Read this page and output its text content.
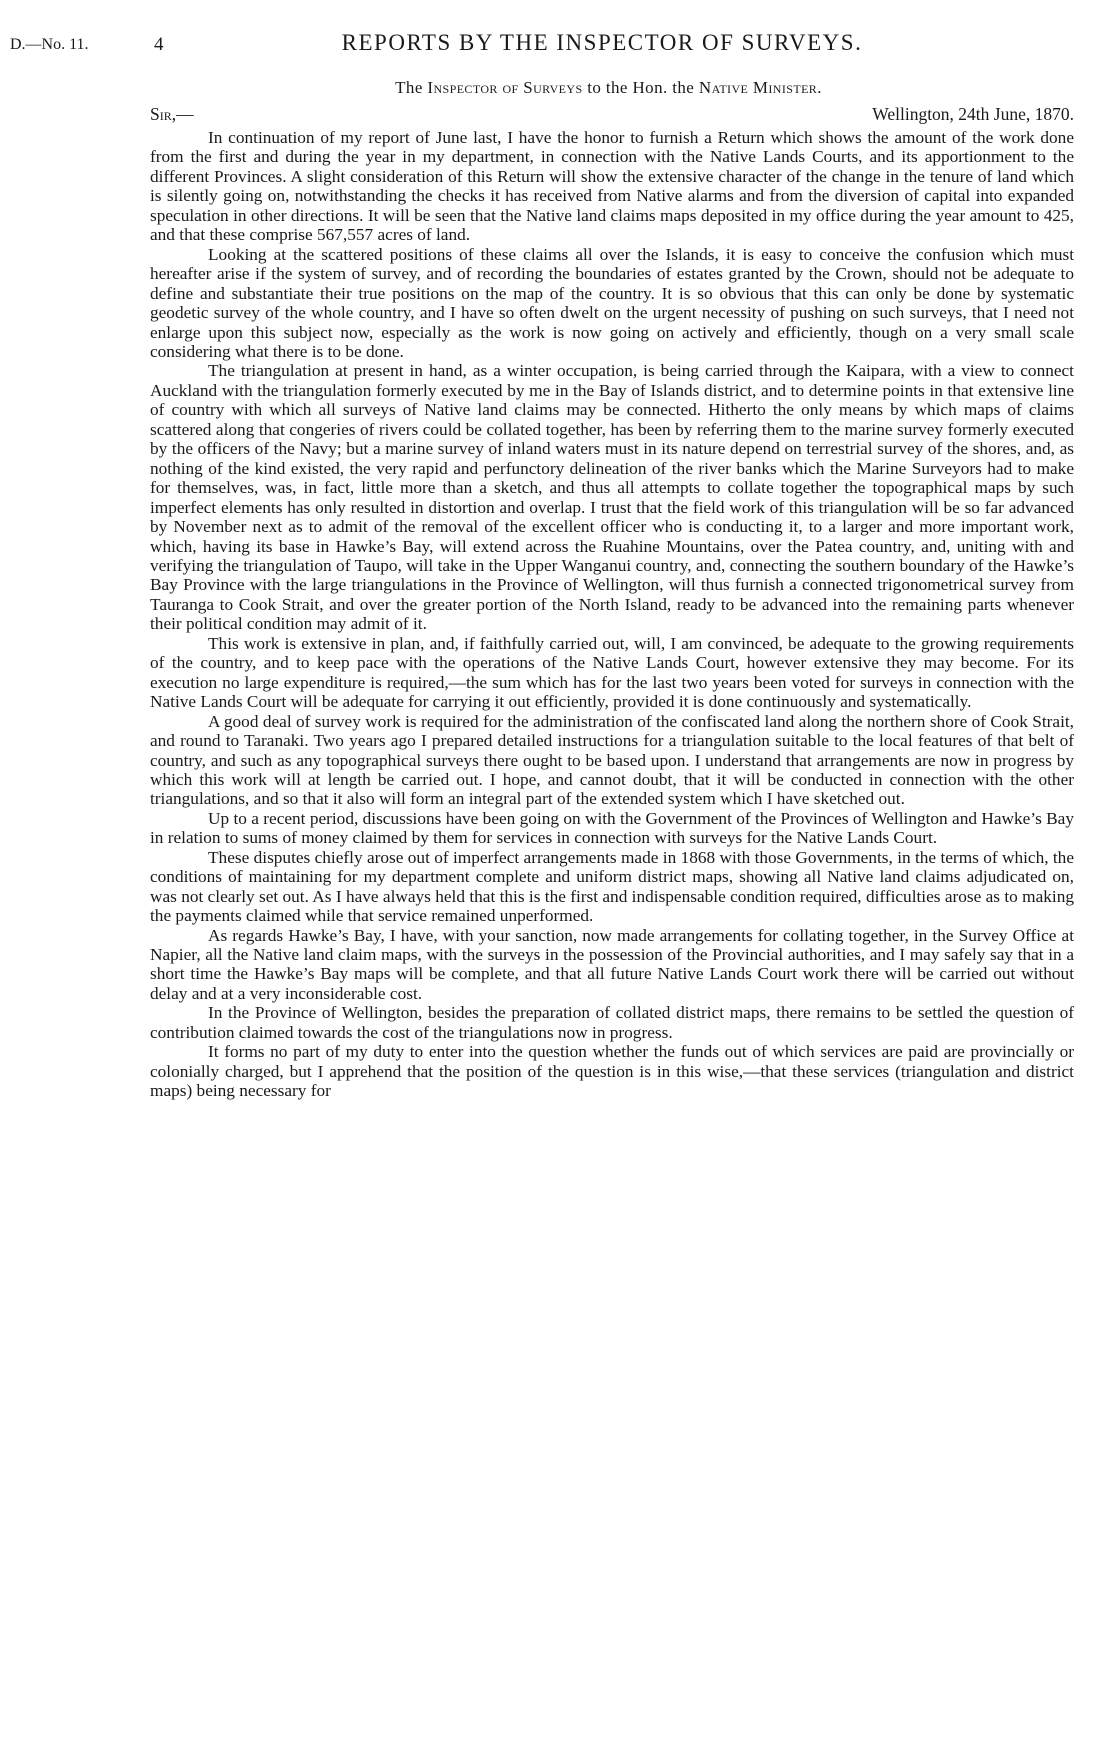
D.—No. 11.	4	REPORTS BY THE INSPECTOR OF SURVEYS.
The Inspector of Surveys to the Hon. the Native Minister.
Sir,—	Wellington, 24th June, 1870.

In continuation of my report of June last, I have the honor to furnish a Return which shows the amount of the work done from the first and during the year in my department, in connection with the Native Lands Courts, and its apportionment to the different Provinces. A slight consideration of this Return will show the extensive character of the change in the tenure of land which is silently going on, notwithstanding the checks it has received from Native alarms and from the diversion of capital into expanded speculation in other directions. It will be seen that the Native land claims maps deposited in my office during the year amount to 425, and that these comprise 567,557 acres of land.

Looking at the scattered positions of these claims all over the Islands, it is easy to conceive the confusion which must hereafter arise if the system of survey, and of recording the boundaries of estates granted by the Crown, should not be adequate to define and substantiate their true positions on the map of the country. It is so obvious that this can only be done by systematic geodetic survey of the whole country, and I have so often dwelt on the urgent necessity of pushing on such surveys, that I need not enlarge upon this subject now, especially as the work is now going on actively and efficiently, though on a very small scale considering what there is to be done.

The triangulation at present in hand, as a winter occupation, is being carried through the Kaipara, with a view to connect Auckland with the triangulation formerly executed by me in the Bay of Islands district, and to determine points in that extensive line of country with which all surveys of Native land claims may be connected. Hitherto the only means by which maps of claims scattered along that congeries of rivers could be collated together, has been by referring them to the marine survey formerly executed by the officers of the Navy; but a marine survey of inland waters must in its nature depend on terrestrial survey of the shores, and, as nothing of the kind existed, the very rapid and perfunctory delineation of the river banks which the Marine Surveyors had to make for themselves, was, in fact, little more than a sketch, and thus all attempts to collate together the topographical maps by such imperfect elements has only resulted in distortion and overlap. I trust that the field work of this triangulation will be so far advanced by November next as to admit of the removal of the excellent officer who is conducting it, to a larger and more important work, which, having its base in Hawke’s Bay, will extend across the Ruahine Mountains, over the Patea country, and, uniting with and verifying the triangulation of Taupo, will take in the Upper Wanganui country, and, connecting the southern boundary of the Hawke’s Bay Province with the large triangulations in the Province of Wellington, will thus furnish a connected trigonometrical survey from Tauranga to Cook Strait, and over the greater portion of the North Island, ready to be advanced into the remaining parts whenever their political condition may admit of it.

This work is extensive in plan, and, if faithfully carried out, will, I am convinced, be adequate to the growing requirements of the country, and to keep pace with the operations of the Native Lands Court, however extensive they may become. For its execution no large expenditure is required,—the sum which has for the last two years been voted for surveys in connection with the Native Lands Court will be adequate for carrying it out efficiently, provided it is done continuously and systematically.

A good deal of survey work is required for the administration of the confiscated land along the northern shore of Cook Strait, and round to Taranaki. Two years ago I prepared detailed instructions for a triangulation suitable to the local features of that belt of country, and such as any topographical surveys there ought to be based upon. I understand that arrangements are now in progress by which this work will at length be carried out. I hope, and cannot doubt, that it will be conducted in connection with the other triangulations, and so that it also will form an integral part of the extended system which I have sketched out.

Up to a recent period, discussions have been going on with the Government of the Provinces of Wellington and Hawke’s Bay in relation to sums of money claimed by them for services in connection with surveys for the Native Lands Court.

These disputes chiefly arose out of imperfect arrangements made in 1868 with those Governments, in the terms of which, the conditions of maintaining for my department complete and uniform district maps, showing all Native land claims adjudicated on, was not clearly set out. As I have always held that this is the first and indispensable condition required, difficulties arose as to making the payments claimed while that service remained unperformed.

As regards Hawke’s Bay, I have, with your sanction, now made arrangements for collating together, in the Survey Office at Napier, all the Native land claim maps, with the surveys in the possession of the Provincial authorities, and I may safely say that in a short time the Hawke’s Bay maps will be complete, and that all future Native Lands Court work there will be carried out without delay and at a very inconsiderable cost.

In the Province of Wellington, besides the preparation of collated district maps, there remains to be settled the question of contribution claimed towards the cost of the triangulations now in progress.

It forms no part of my duty to enter into the question whether the funds out of which services are paid are provincially or colonially charged, but I apprehend that the position of the question is in this wise,—that these services (triangulation and district maps) being necessary for
